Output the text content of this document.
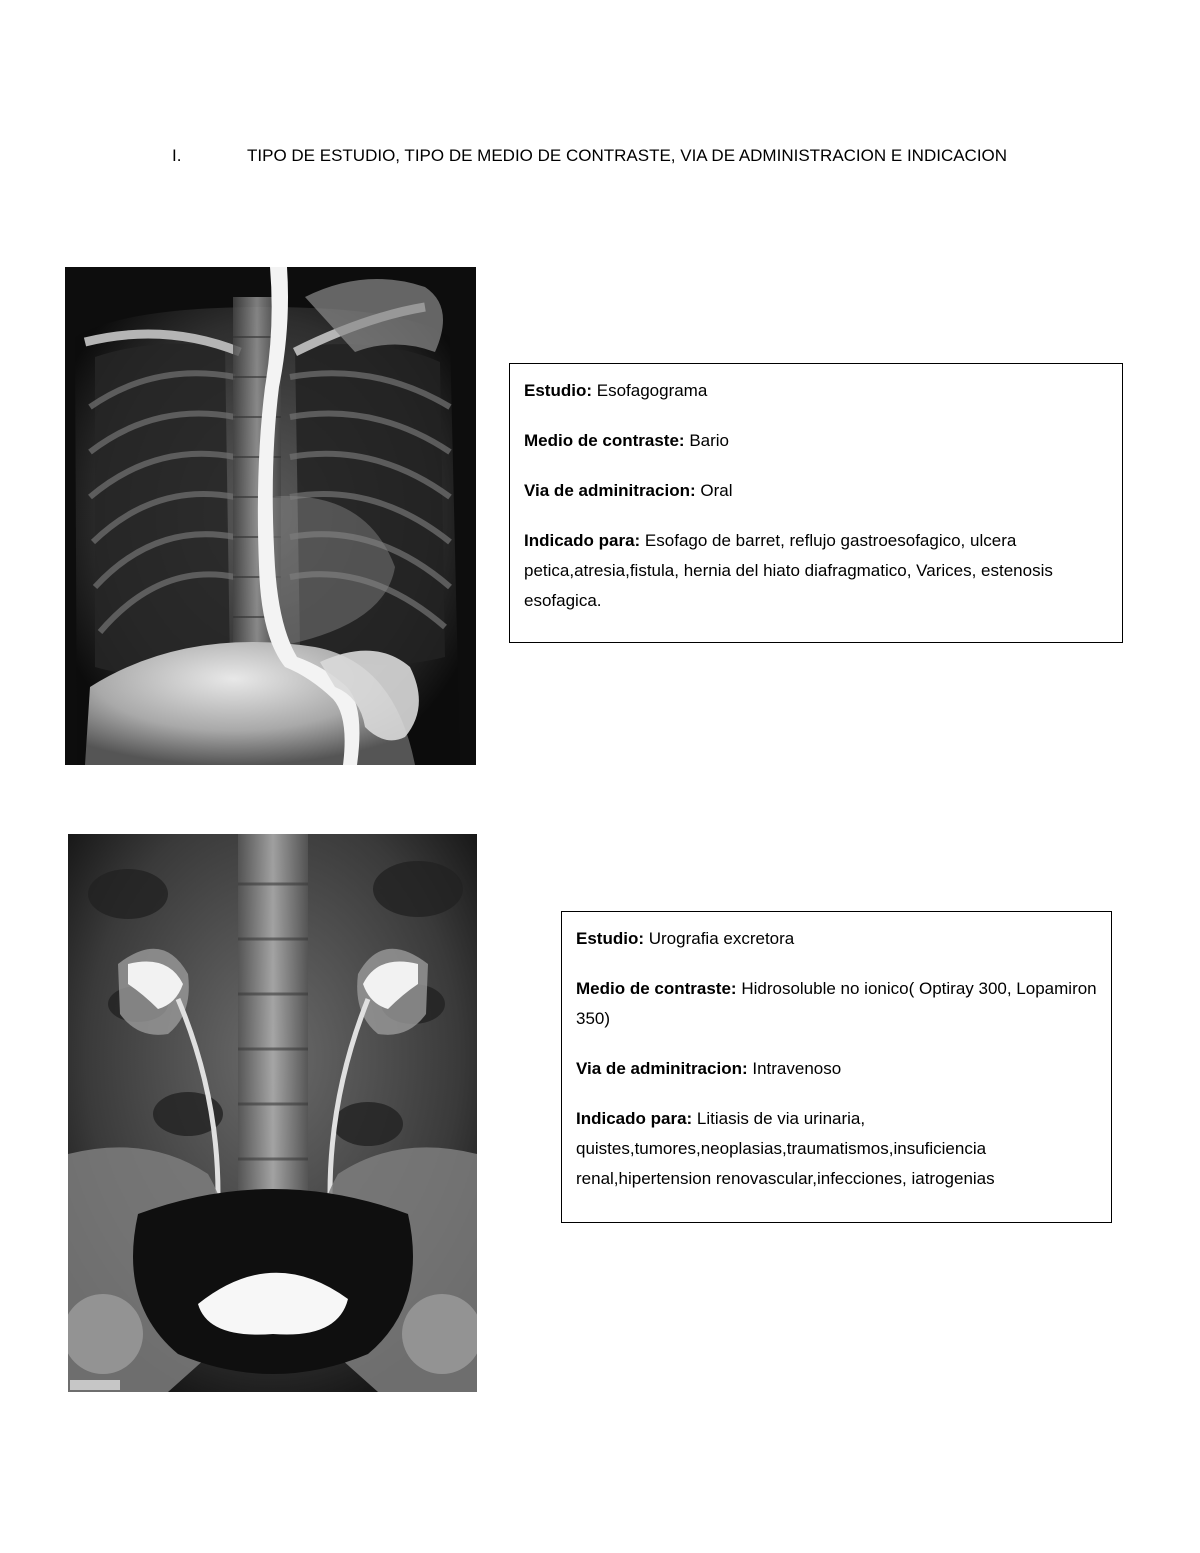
I.	TIPO DE ESTUDIO, TIPO DE MEDIO DE CONTRASTE, VIA DE ADMINISTRACION E INDICACION

Estudio: Esofagograma

Medio de contraste: Bario

Via de adminitracion: Oral

Indicado para: Esofago de barret, reflujo gastroesofagico, ulcera petica,atresia,fistula, hernia del hiato diafragmatico, Varices, estenosis esofagica.

Estudio: Urografia excretora

Medio de contraste: Hidrosoluble no ionico( Optiray 300, Lopamiron 350)

Via de adminitracion: Intravenoso

Indicado para: Litiasis de via urinaria, quistes,tumores,neoplasias,traumatismos,insuficiencia renal,hipertension renovascular,infecciones, iatrogenias
